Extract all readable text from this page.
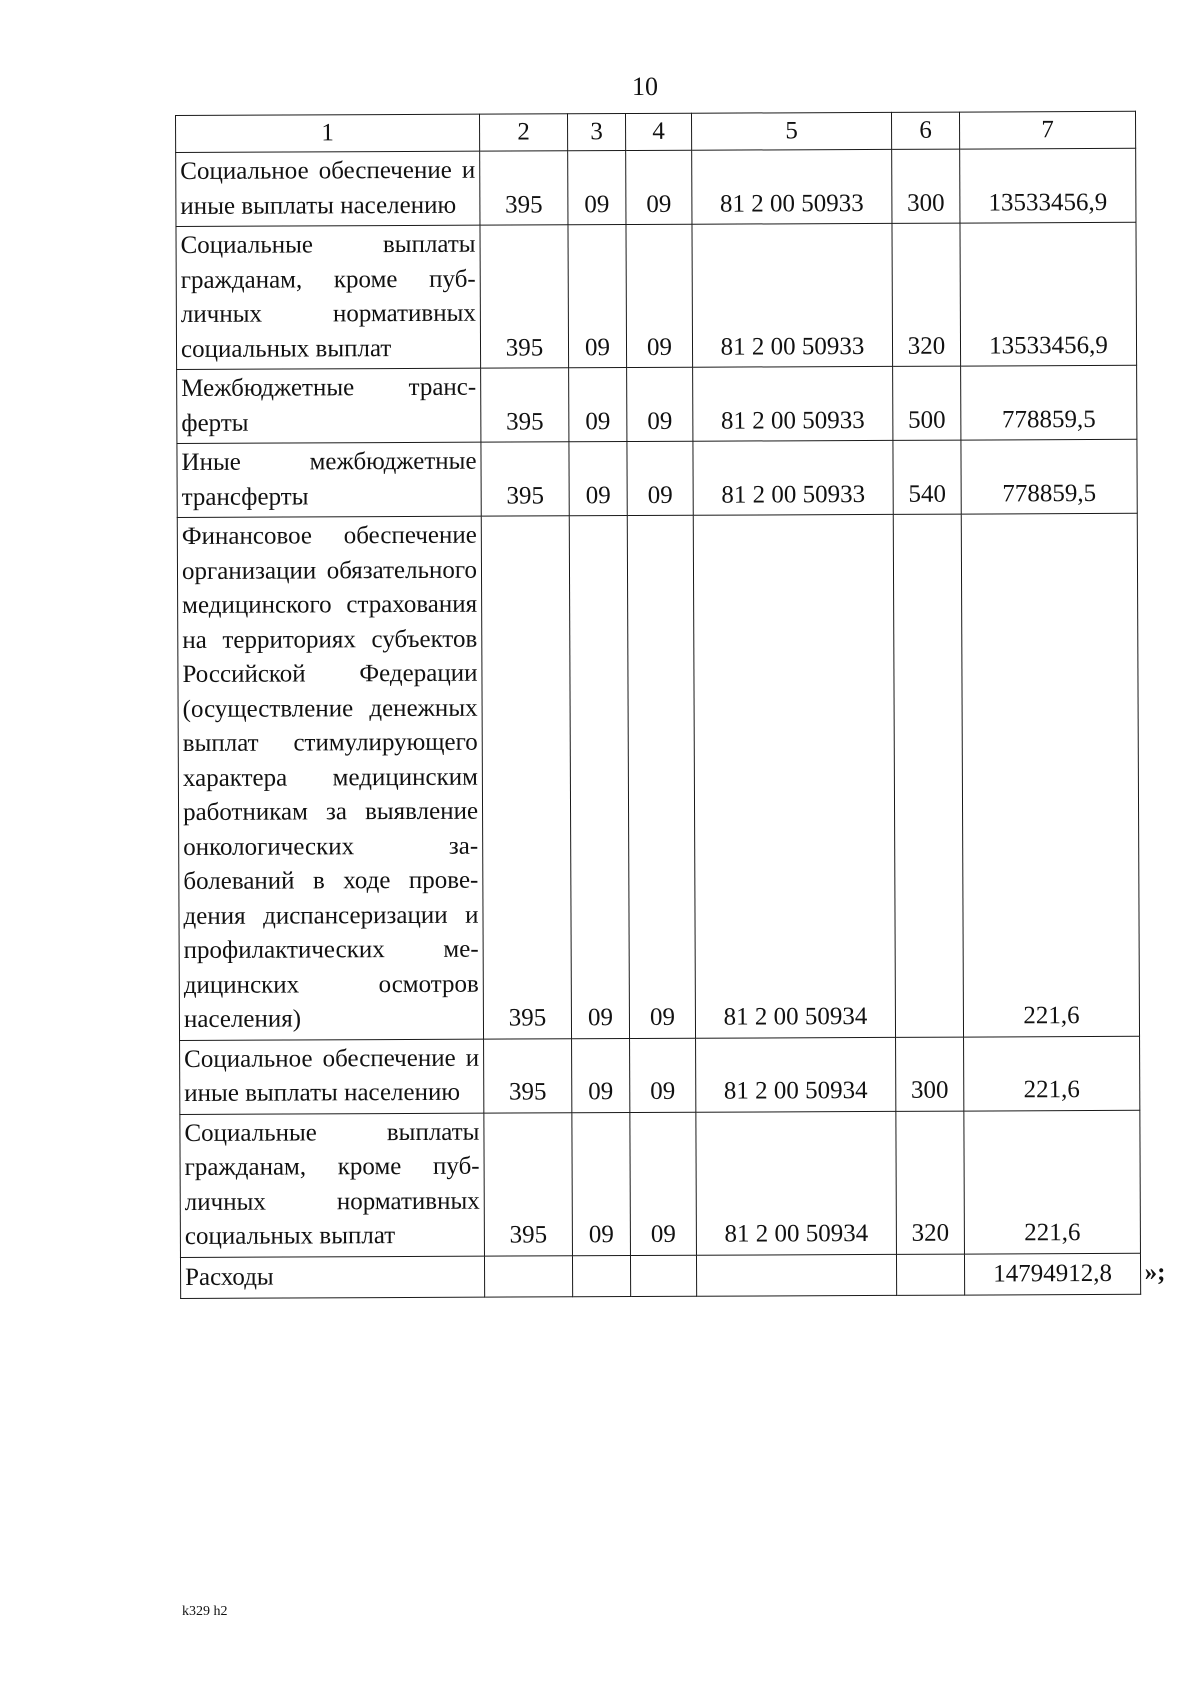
10
1	2	3	4	5	6	7
Социальное обеспечение и иные выплаты населению	395	09	09	81 2 00 50933	300	13533456,9
Социальные выплаты гражданам, кроме публичных нормативных социальных выплат	395	09	09	81 2 00 50933	320	13533456,9
Межбюджетные трансферты	395	09	09	81 2 00 50933	500	778859,5
Иные межбюджетные трансферты	395	09	09	81 2 00 50933	540	778859,5
Финансовое обеспечение организации обязательного медицинского страхования на территориях субъектов Российской Федерации (осуществление денежных выплат стимулирующего характера медицинским работникам за выявление онкологических заболеваний в ходе проведения диспансеризации и профилактических медицинских осмотров населения)	395	09	09	81 2 00 50934		221,6
Социальное обеспечение и иные выплаты населению	395	09	09	81 2 00 50934	300	221,6
Социальные выплаты гражданам, кроме публичных нормативных социальных выплат	395	09	09	81 2 00 50934	320	221,6
Расходы						14794912,8 »;
k329 h2
